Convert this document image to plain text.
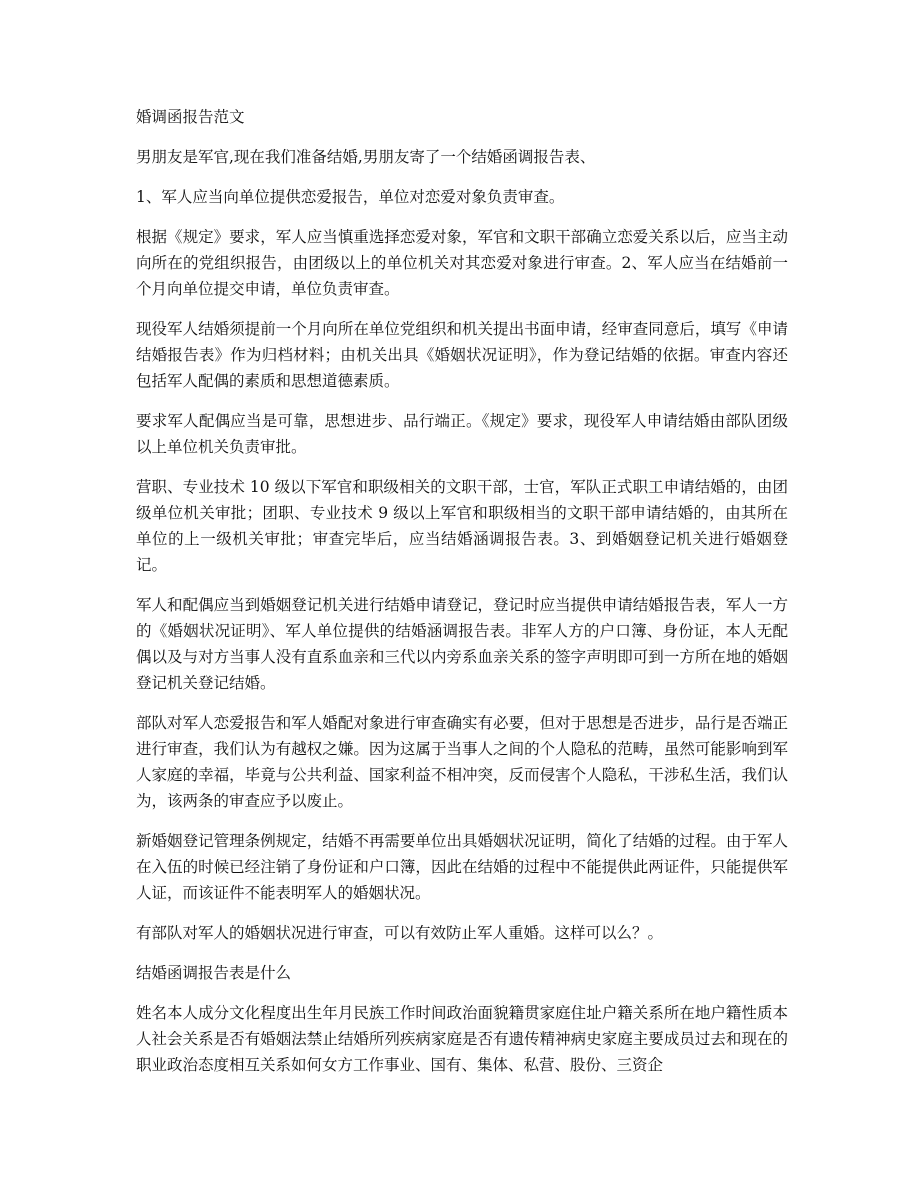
婚调函报告范文

男朋友是军官,现在我们准备结婚,男朋友寄了一个结婚函调报告表、

1、军人应当向单位提供恋爱报告，单位对恋爱对象负责审查。

根据《规定》要求，军人应当慎重选择恋爱对象，军官和文职干部确立恋爱关系以后，应当主动向所在的党组织报告，由团级以上的单位机关对其恋爱对象进行审查。2、军人应当在结婚前一个月向单位提交申请，单位负责审查。

现役军人结婚须提前一个月向所在单位党组织和机关提出书面申请，经审查同意后，填写《申请结婚报告表》作为归档材料；由机关出具《婚姻状况证明》，作为登记结婚的依据。审查内容还包括军人配偶的素质和思想道德素质。

要求军人配偶应当是可靠，思想进步、品行端正。《规定》要求，现役军人申请结婚由部队团级以上单位机关负责审批。

营职、专业技术 10 级以下军官和职级相关的文职干部，士官，军队正式职工申请结婚的，由团级单位机关审批；团职、专业技术 9 级以上军官和职级相当的文职干部申请结婚的，由其所在单位的上一级机关审批；审查完毕后，应当结婚涵调报告表。3、到婚姻登记机关进行婚姻登记。

军人和配偶应当到婚姻登记机关进行结婚申请登记，登记时应当提供申请结婚报告表，军人一方的《婚姻状况证明》、军人单位提供的结婚涵调报告表。非军人方的户口簿、身份证，本人无配偶以及与对方当事人没有直系血亲和三代以内旁系血亲关系的签字声明即可到一方所在地的婚姻登记机关登记结婚。

部队对军人恋爱报告和军人婚配对象进行审查确实有必要，但对于思想是否进步，品行是否端正进行审查，我们认为有越权之嫌。因为这属于当事人之间的个人隐私的范畴，虽然可能影响到军人家庭的幸福，毕竟与公共利益、国家利益不相冲突，反而侵害个人隐私，干涉私生活，我们认为，该两条的审查应予以废止。

新婚姻登记管理条例规定，结婚不再需要单位出具婚姻状况证明，简化了结婚的过程。由于军人在入伍的时候已经注销了身份证和户口簿，因此在结婚的过程中不能提供此两证件，只能提供军人证，而该证件不能表明军人的婚姻状况。

有部队对军人的婚姻状况进行审查，可以有效防止军人重婚。这样可以么？。

结婚函调报告表是什么

姓名本人成分文化程度出生年月民族工作时间政治面貌籍贯家庭住址户籍关系所在地户籍性质本人社会关系是否有婚姻法禁止结婚所列疾病家庭是否有遗传精神病史家庭主要成员过去和现在的职业政治态度相互关系如何女方工作事业、国有、集体、私营、股份、三资企
